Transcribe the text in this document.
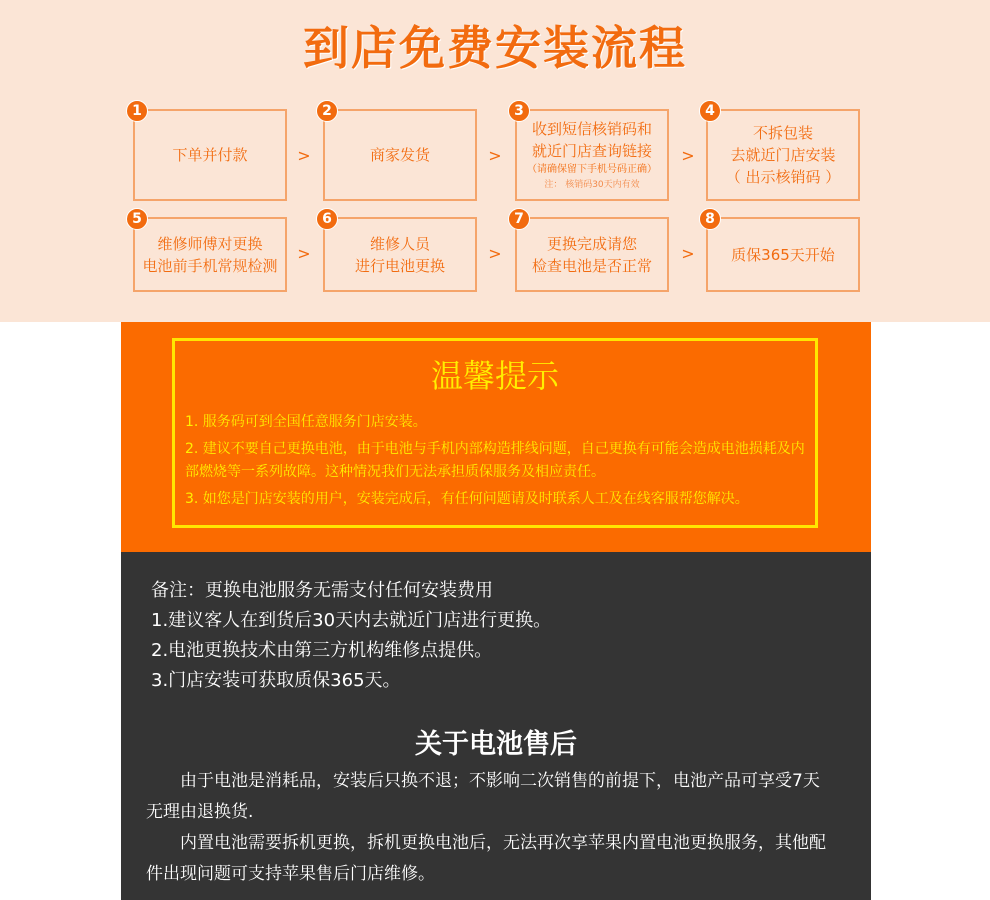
到店免费安装流程
1
下单并付款	>
2
商家发货	>
3
收到短信核销码和
就近门店查询链接
（请确保留下手机号码正确）
注： 核销码30天内有效
>
4
不拆包装
去就近门店安装
（ 出示核销码 ）
5
维修师傅对更换
电池前手机常规检测
>
6
维修人员
进行电池更换
>
7
更换完成请您
检查电池是否正常
>
8
质保365天开始
温馨提示

1. 服务码可到全国任意服务门店安装。

2. 建议不要自己更换电池，由于电池与手机内部构造排线问题，自己更换有可能会造成电池损耗及内部燃烧等一系列故障。这种情况我们无法承担质保服务及相应责任。

3. 如您是门店安装的用户，安装完成后，有任何问题请及时联系人工及在线客服帮您解决。

备注：更换电池服务无需支付任何安装费用
1.建议客人在到货后30天内去就近门店进行更换。
2.电池更换技术由第三方机构维修点提供。
3.门店安装可获取质保365天。
关于电池售后

由于电池是消耗品，安装后只换不退；不影响二次销售的前提下，电池产品可享受7天无理由退换货.

内置电池需要拆机更换，拆机更换电池后，无法再次享苹果内置电池更换服务，其他配件出现问题可支持苹果售后门店维修。
